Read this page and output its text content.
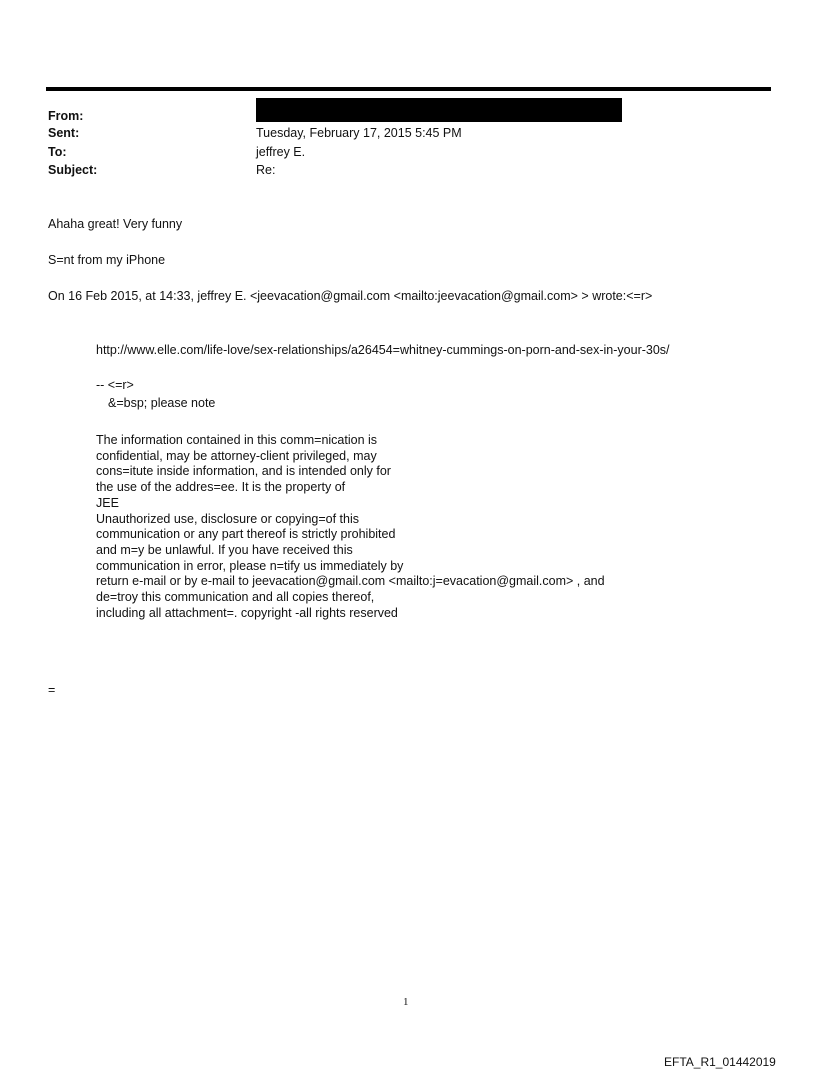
From:
Sent:	Tuesday, February 17, 2015 5:45 PM
To:	jeffrey E.
Subject:	Re:
Ahaha great! Very funny
S=nt from my iPhone
On 16 Feb 2015, at 14:33, jeffrey E. <jeevacation@gmail.com <mailto:jeevacation@gmail.com> > wrote:<=r>
http://www.elle.com/life-love/sex-relationships/a26454=whitney-cummings-on-porn-and-sex-in-your-30s/
-- <=r>
&=bsp; please note
The information contained in this comm=nication is
confidential, may be attorney-client privileged, may
cons=itute inside information, and is intended only for
the use of the addres=ee. It is the property of
JEE
Unauthorized use, disclosure or copying=of this
communication or any part thereof is strictly prohibited
and m=y be unlawful. If you have received this
communication in error, please n=tify us immediately by
return e-mail or by e-mail to jeevacation@gmail.com <mailto:j=evacation@gmail.com> , and
de=troy this communication and all copies thereof,
including all attachment=. copyright -all rights reserved
=
1
EFTA_R1_01442019
